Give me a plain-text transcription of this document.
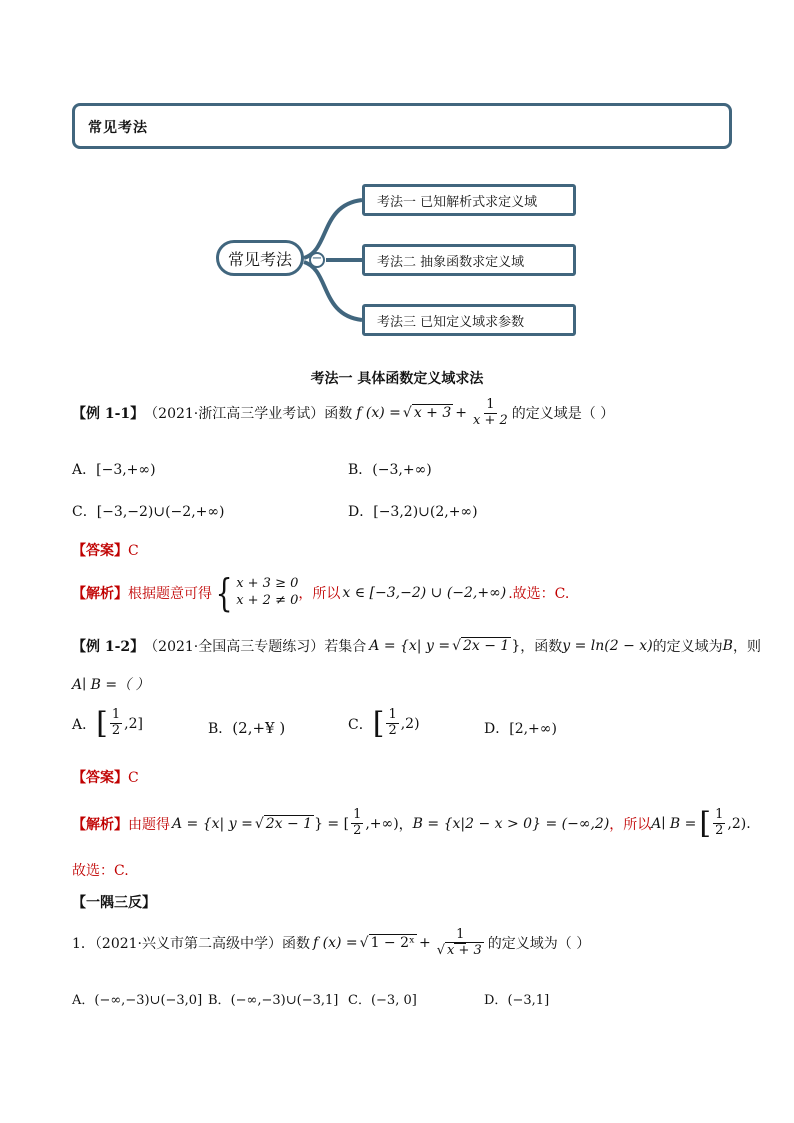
常见考法
−
常见考法
考法一 已知解析式求定义域
考法二 抽象函数求定义域
考法三 已知定义域求参数
考法一 具体函数定义域求法
【例 1-1】 （2021·浙江高三学业考试）函数 f (x) = √ $x + 3 + \frac{1}{x + 2}$ 的定义域是（ ）
A．[−3,+∞)	B．(−3,+∞)
C．[−3,−2)∪(−2,+∞)	D．[−3,2)∪(2,+∞)
【答案】C
【解析】 根据题意可得 { x + 3 ≥ 0
x + 2 ≠ 0 ，所以 x ∈ [−3,−2) ∪ (−2,+∞) .故选：C.
【例 1-2】 （2021·全国高三专题练习）若集合 A = {x| y = √ 2x − 1 } ，函数 y = ln(2 − x) 的定义域为 B ，则
A∣ B =（ ）
A． [ $\frac{1}{2} ,2$]	B．(2,+¥ )	C． [ $\frac{1}{2} ,2$)	D．[2,+∞)
【答案】C
【解析】 由题得 A = {x| y = √ 2x − 1 } = [ $\frac{1}{2}$ ,+∞) ， B = {x|2 − x > 0} = (−∞,2) ，所以 A∣ B = [ $\frac{1}{2} ,2$).
故选：C.
【一隅三反】
1．（2021·兴义市第二高级中学）函数 f (x) = √ 1 − 2ˣ + $\frac{1}{√ x + 3}$ 的定义域为（ ）
A．(−∞,−3)∪(−3,0] B．(−∞,−3)∪(−3,1] C．(−3, 0]	D．(−3,1]
